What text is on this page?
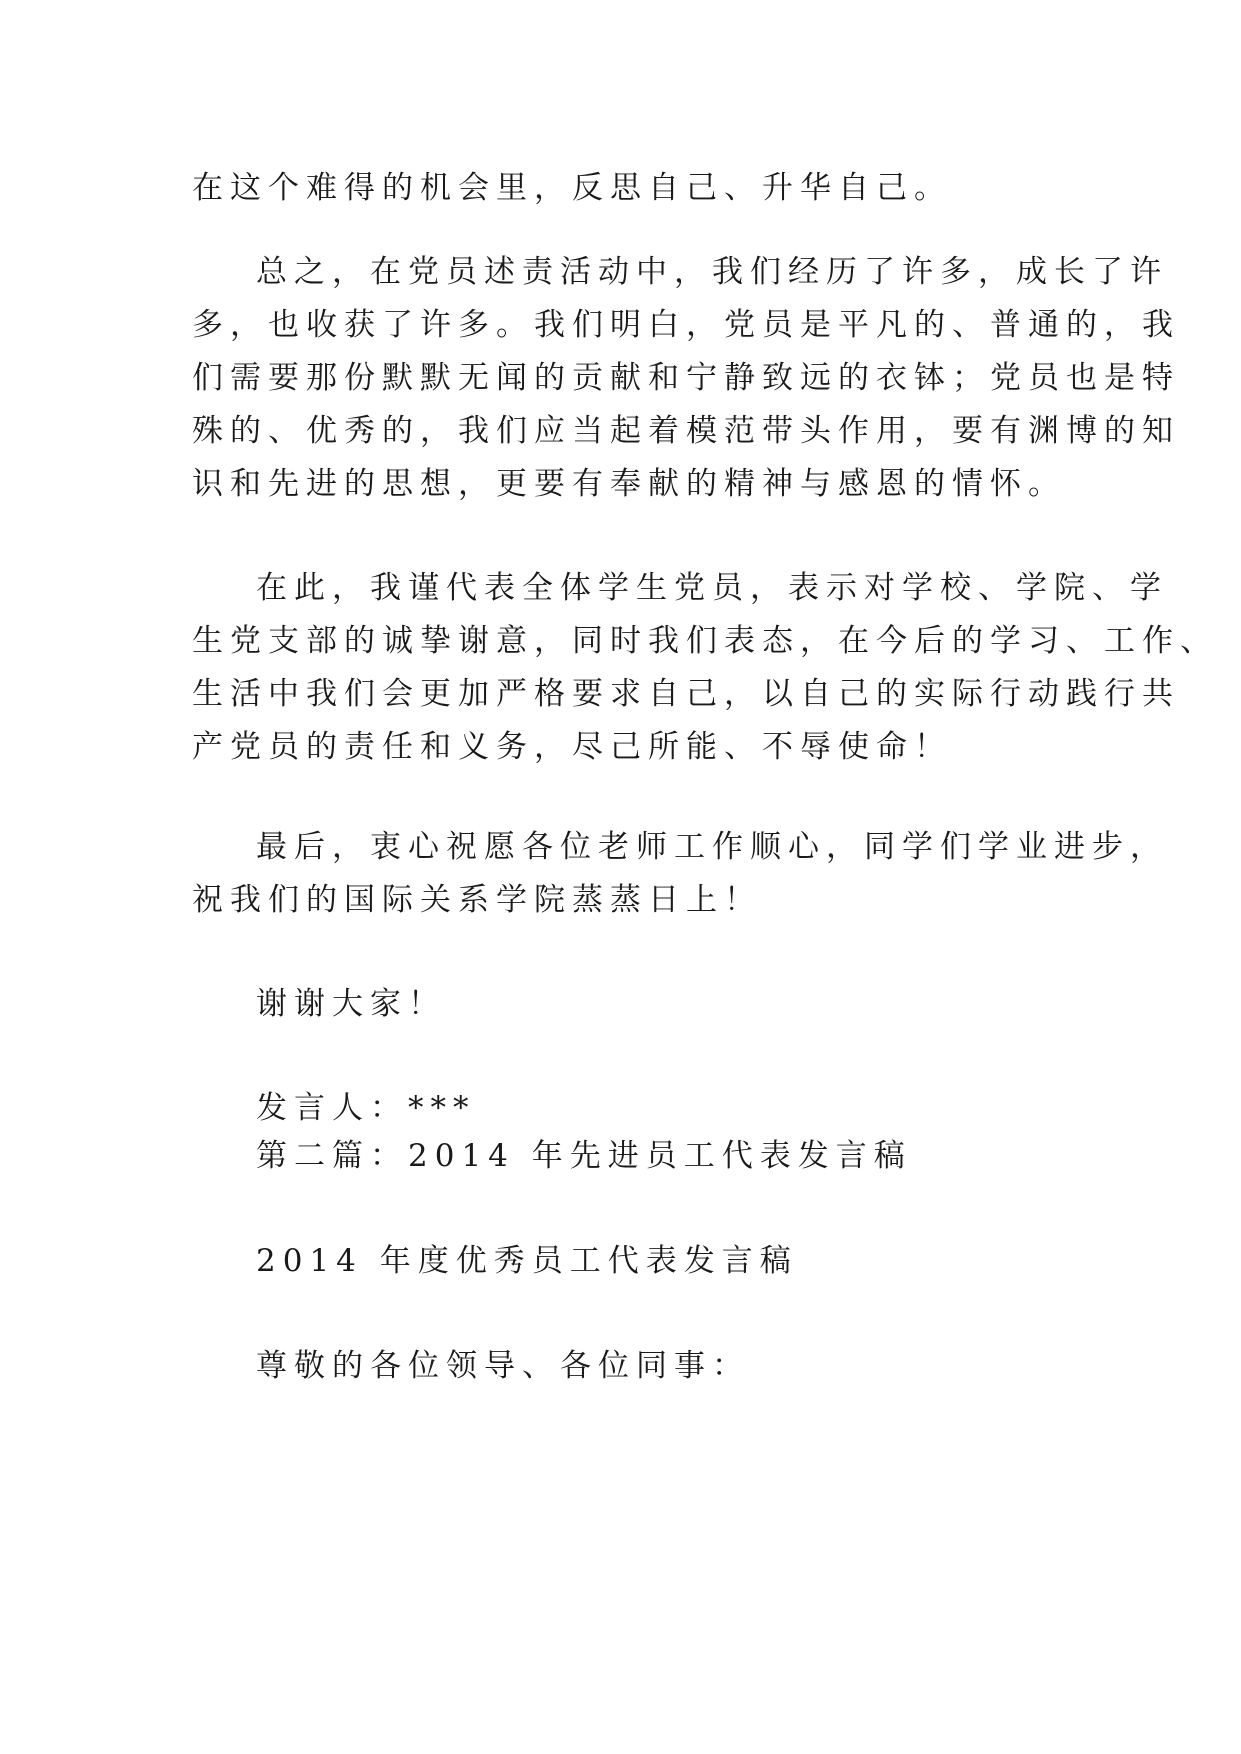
在这个难得的机会里，反思自己、升华自己。
总之，在党员述责活动中，我们经历了许多，成长了许
多，也收获了许多。我们明白，党员是平凡的、普通的，我
们需要那份默默无闻的贡献和宁静致远的衣钵；党员也是特
殊的、优秀的，我们应当起着模范带头作用，要有渊博的知
识和先进的思想，更要有奉献的精神与感恩的情怀。
在此，我谨代表全体学生党员，表示对学校、学院、学
生党支部的诚挚谢意，同时我们表态，在今后的学习、工作、
生活中我们会更加严格要求自己，以自己的实际行动践行共
产党员的责任和义务，尽己所能、不辱使命！
最后，衷心祝愿各位老师工作顺心，同学们学业进步，
祝我们的国际关系学院蒸蒸日上！
谢谢大家！
发言人：***
第二篇：2014 年先进员工代表发言稿
2014 年度优秀员工代表发言稿
尊敬的各位领导、各位同事：
